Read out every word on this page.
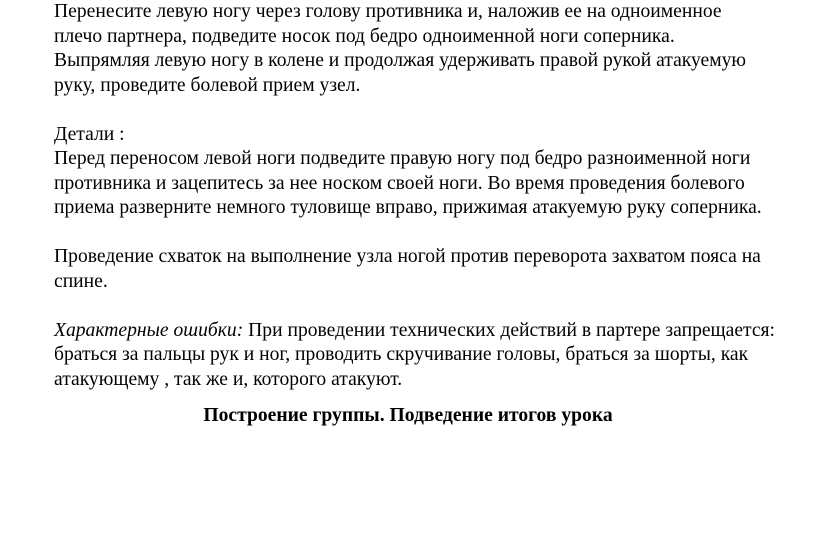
Перенесите левую ногу через голову противника и, наложив ее на одноименное
плечо партнера, подведите носок под бедро одноименной ноги соперника.
Выпрямляя левую ногу в колене и продолжая удерживать правой рукой атакуемую
руку, проведите болевой прием узел.

Детали :

Перед переносом левой ноги подведите правую ногу под бедро разноименной ноги
противника и зацепитесь за нее носком своей ноги. Во время проведения болевого
приема разверните немного туловище вправо, прижимая атакуемую руку соперника.

Проведение схваток на выполнение узла ногой против переворота захватом пояса на
спине.

Характерные ошибки: При проведении технических действий в партере запрещается:
браться за пальцы рук и ног, проводить скручивание головы, браться за шорты, как
атакующему , так же и, которого атакуют.

Построение группы. Подведение итогов урока
